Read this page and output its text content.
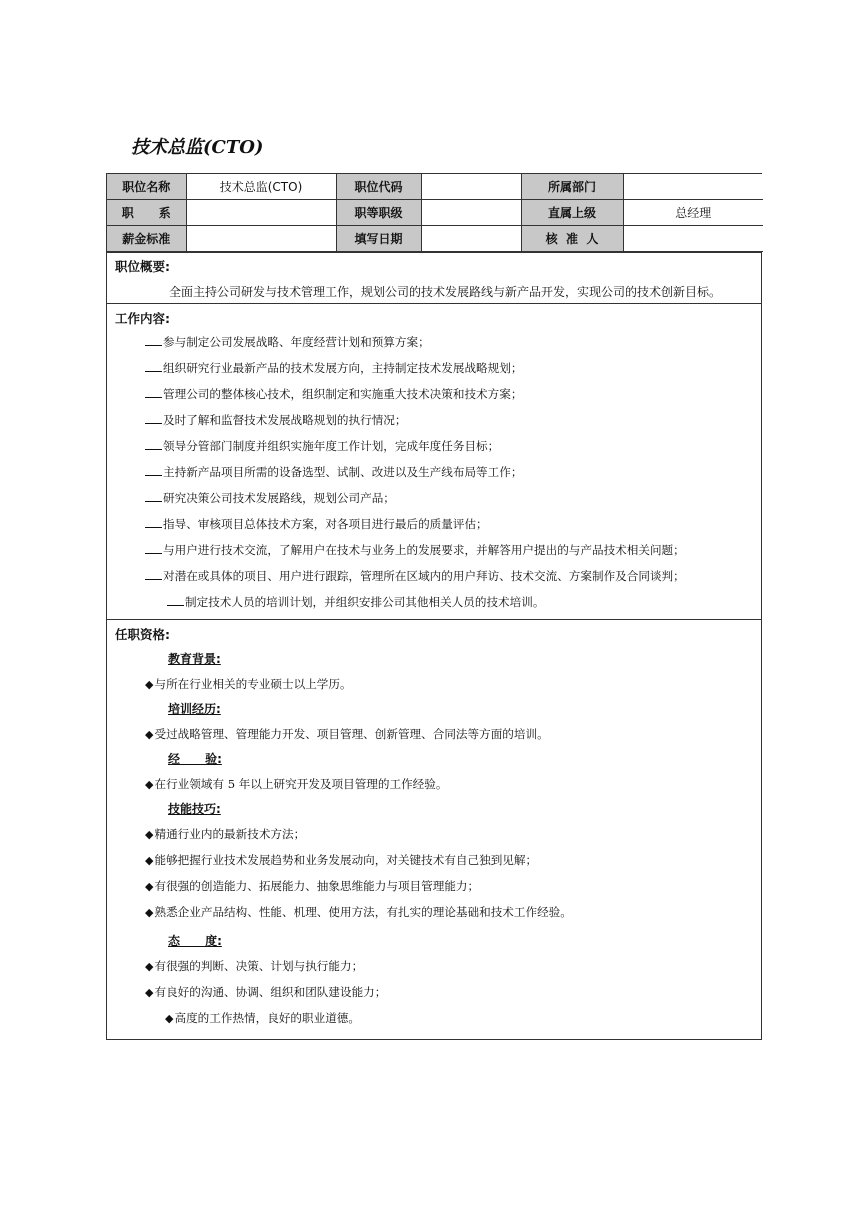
技术总监(CTO)
职位名称	技术总监(CTO)	职位代码		所属部门	
职      系		职等职级		直属上级	总经理
薪金标准		填写日期		核  准  人	
职位概要:
全面主持公司研发与技术管理工作，规划公司的技术发展路线与新产品开发，实现公司的技术创新目标。
工作内容:
参与制定公司发展战略、年度经营计划和预算方案；
组织研究行业最新产品的技术发展方向，主持制定技术发展战略规划；
管理公司的整体核心技术，组织制定和实施重大技术决策和技术方案；
及时了解和监督技术发展战略规划的执行情况；
领导分管部门制度并组织实施年度工作计划，完成年度任务目标；
主持新产品项目所需的设备选型、试制、改进以及生产线布局等工作；
研究决策公司技术发展路线，规划公司产品；
指导、审核项目总体技术方案，对各项目进行最后的质量评估；
与用户进行技术交流，了解用户在技术与业务上的发展要求，并解答用户提出的与产品技术相关问题；
对潜在或具体的项目、用户进行跟踪，管理所在区域内的用户拜访、技术交流、方案制作及合同谈判；
制定技术人员的培训计划，并组织安排公司其他相关人员的技术培训。
任职资格:
教育背景:
◆与所在行业相关的专业硕士以上学历。
培训经历:
◆受过战略管理、管理能力开发、项目管理、创新管理、合同法等方面的培训。
经      验:
◆在行业领域有 5 年以上研究开发及项目管理的工作经验。
技能技巧:
◆精通行业内的最新技术方法；
◆能够把握行业技术发展趋势和业务发展动向，对关键技术有自己独到见解；
◆有很强的创造能力、拓展能力、抽象思维能力与项目管理能力；
◆熟悉企业产品结构、性能、机理、使用方法，有扎实的理论基础和技术工作经验。
态      度:
◆有很强的判断、决策、计划与执行能力；
◆有良好的沟通、协调、组织和团队建设能力；
◆高度的工作热情，良好的职业道德。
